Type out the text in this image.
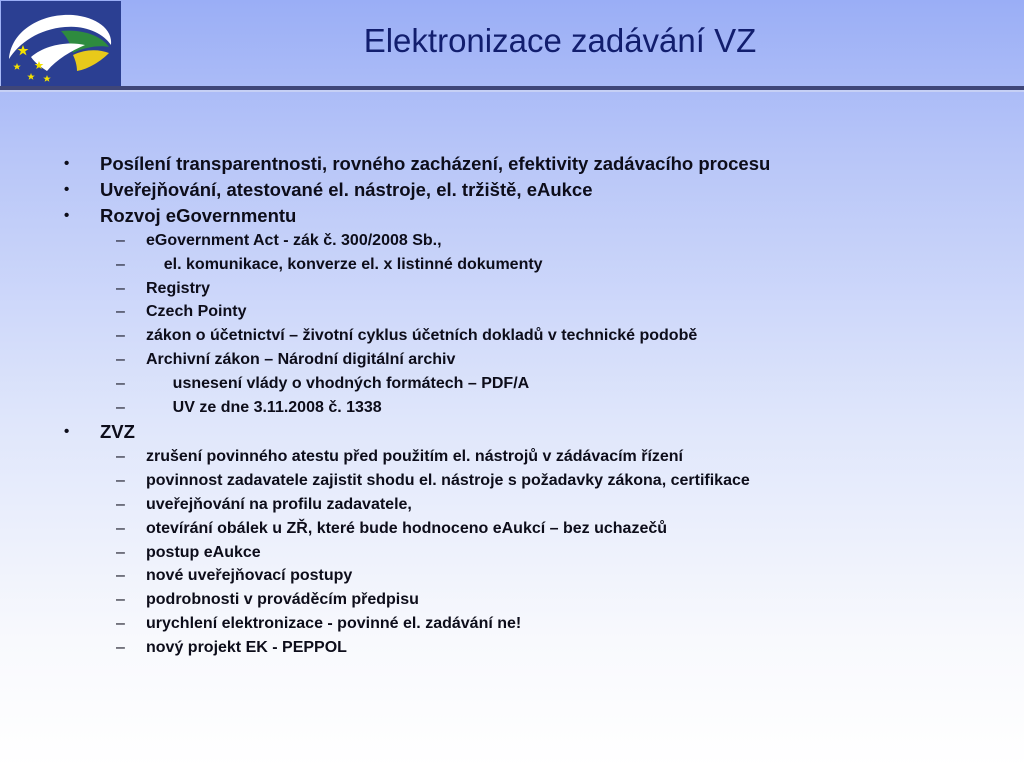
Elektronizace zadávání VZ
• Posílení transparentnosti, rovného zacházení, efektivity zadávacího procesu
• Uveřejňování, atestované el. nástroje, el. tržiště, eAukce
• Rozvoj eGovernmentu
– eGovernment Act - zák č. 300/2008 Sb.,
– el. komunikace, konverze el. x listinné dokumenty
– Registry
– Czech Pointy
– zákon o účetnictví – životní cyklus účetních dokladů v technické podobě
– Archivní zákon – Národní digitální archiv
– usnesení vlády o vhodných formátech – PDF/A
– UV ze dne 3.11.2008 č. 1338
• ZVZ
– zrušení povinného atestu před použitím el. nástrojů v zádávacím řízení
– povinnost zadavatele zajistit shodu el. nástroje s požadavky zákona, certifikace
– uveřejňování na profilu zadavatele,
– otevírání obálek u ZŘ, které bude hodnoceno eAukcí – bez uchazečů
– postup eAukce
– nové uveřejňovací postupy
– podrobnosti v prováděcím předpisu
– urychlení elektronizace - povinné el. zadávání ne!
– nový projekt EK - PEPPOL
